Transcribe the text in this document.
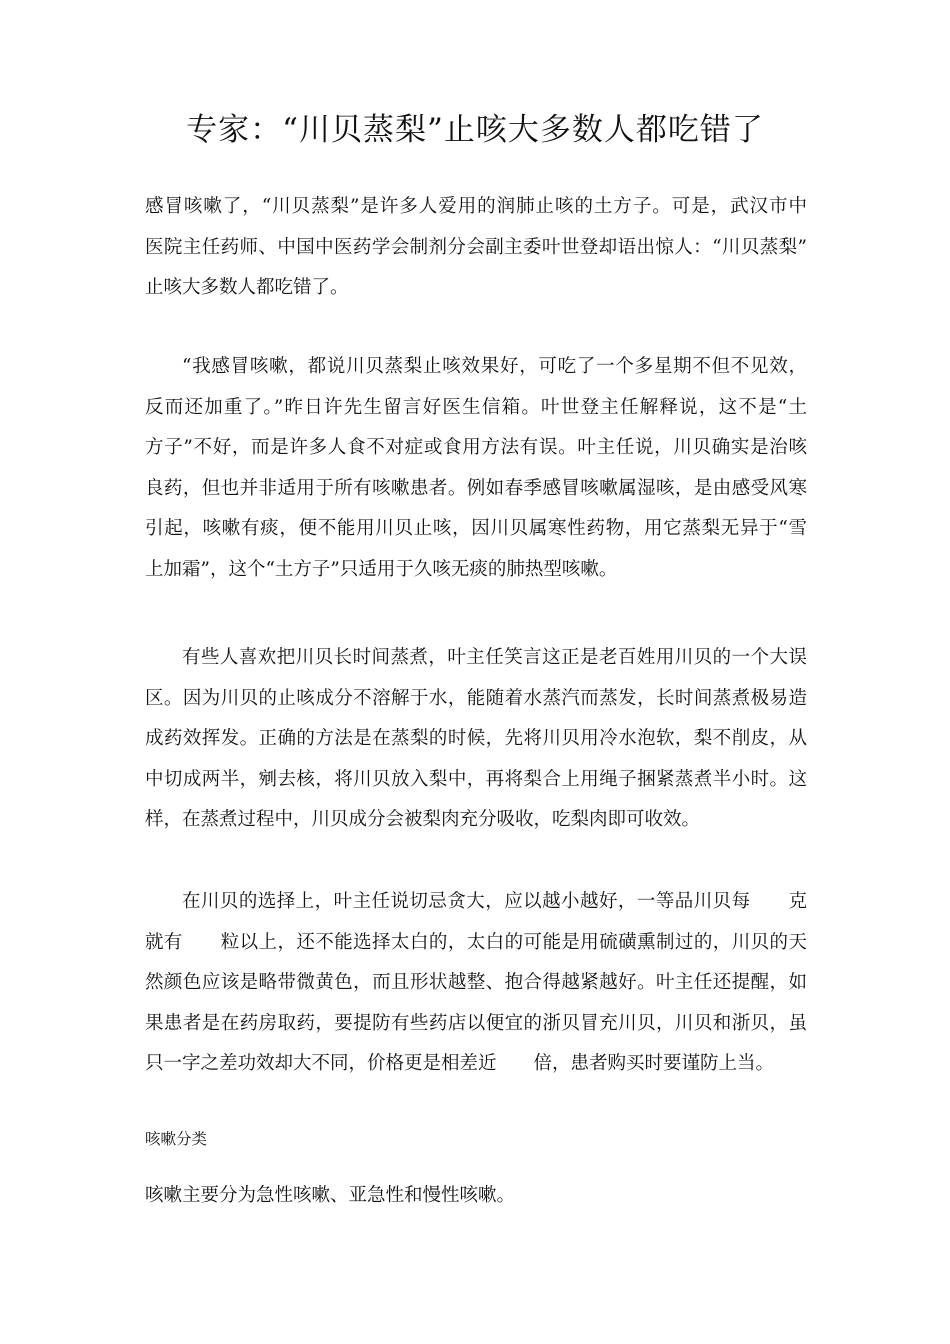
专家：“川贝蒸梨”止咳大多数人都吃错了
感冒咳嗽了，“川贝蒸梨”是许多人爱用的润肺止咳的土方子。可是，武汉市中
医院主任药师、中国中医药学会制剂分会副主委叶世登却语出惊人：“川贝蒸梨”
止咳大多数人都吃错了。
“我感冒咳嗽，都说川贝蒸梨止咳效果好，可吃了一个多星期不但不见效，
反而还加重了。”昨日许先生留言好医生信箱。叶世登主任解释说，这不是“土
方子”不好，而是许多人食不对症或食用方法有误。叶主任说，川贝确实是治咳
良药，但也并非适用于所有咳嗽患者。例如春季感冒咳嗽属湿咳，是由感受风寒
引起，咳嗽有痰，便不能用川贝止咳，因川贝属寒性药物，用它蒸梨无异于“雪
上加霜”，这个“土方子”只适用于久咳无痰的肺热型咳嗽。
有些人喜欢把川贝长时间蒸煮，叶主任笑言这正是老百姓用川贝的一个大误
区。因为川贝的止咳成分不溶解于水，能随着水蒸汽而蒸发，长时间蒸煮极易造
成药效挥发。正确的方法是在蒸梨的时候，先将川贝用冷水泡软，梨不削皮，从
中切成两半，剜去核，将川贝放入梨中，再将梨合上用绳子捆紧蒸煮半小时。这
样，在蒸煮过程中，川贝成分会被梨肉充分吸收，吃梨肉即可收效。
在川贝的选择上，叶主任说切忌贪大，应以越小越好，一等品川贝每　　克
就有　　粒以上，还不能选择太白的，太白的可能是用硫磺熏制过的，川贝的天
然颜色应该是略带微黄色，而且形状越整、抱合得越紧越好。叶主任还提醒，如
果患者是在药房取药，要提防有些药店以便宜的浙贝冒充川贝，川贝和浙贝，虽
只一字之差功效却大不同，价格更是相差近　　倍，患者购买时要谨防上当。

咳嗽分类

咳嗽主要分为急性咳嗽、亚急性和慢性咳嗽。
